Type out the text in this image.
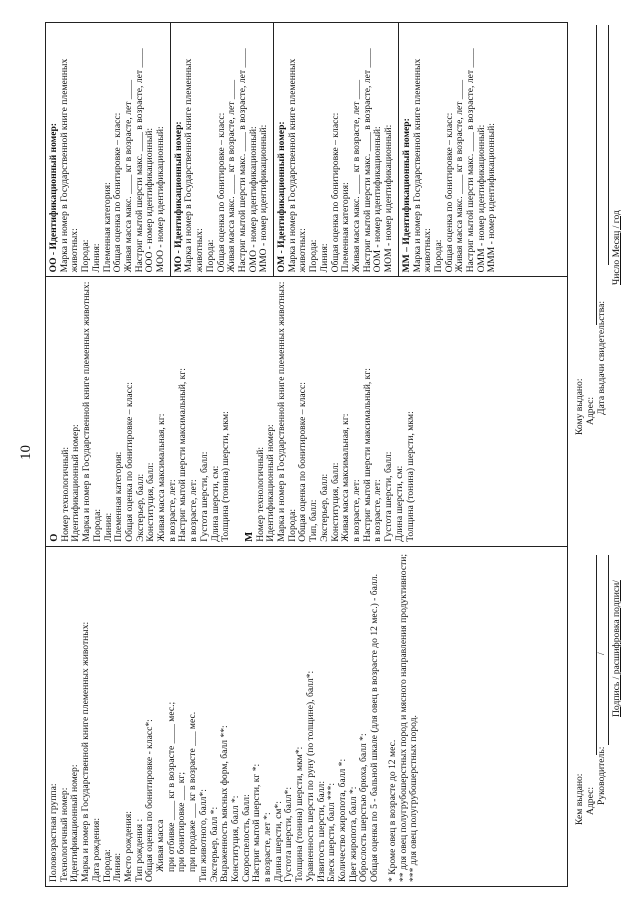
10
Половозрастная группа: Технологичный номер: Идентификационный номер: Марка и номер в Государственной книге племенных животных: Дата рождения: Порода: Линия: Место рождения: Тип рождения : Общая оценка по бонитировке - класс*: Живая масса при отбивке ____ кг в возрасте ____ мес.; при бонитировке ___ кг; при продаже ___ кг в возрасте ___ мес. Тип животного, балл*: Экстерьер, балл *: Выраженность мясных форм, балл **: Конституция, балл *: Скороспелость, балл: Настриг мытой шерсти, кг *: в возрасте, лет *: Длина шерсти, см*: Густота шерсти, балл*: Толщина (тонина) шерсти, мкм*: Уравненность шерсти по руну (по толщине), балл*: Извитость шерсти, балл: Блеск шерсти, балл ***: Количество жиропота, балл *: Цвет жиропота, балл *: Оброслость шерстью брюха, балл *: Общая оценка по 5 - бальной шкале (для овец в возрасте до 12 мес.) - балл. * Кроме овец в возрасте до 12 мес. ** для овец полугрубошерстных пород и мясного направления продуктивности; *** для овец полугрубошерстных пород.
О Номер технологичный: Идентификационный номер: Марка и номер в Государственной книге племенных животных: Порода: Линия: Племенная категория: Общая оценка по бонитировке – класс: Экстерьер, балл: Конституция, балл: Живая масса максимальная, кг: в возрасте, лет: Настриг мытой шерсти максимальный, кг: в возрасте, лет: Густота шерсти, балл: Длина шерсти, см: Толщина (тонина) шерсти, мкм: М Номер технологичный: Идентификационный номер: Марка и номер в Государственной книге племенных животных: Порода: Общая оценка по бонитировке – класс: Тип, балл: Экстерьер, балл: Конституция, балл: Живая масса максимальная, кг: в возрасте, лет: Настриг мытой шерсти максимальный, кг: в возрасте, лет: Густота шерсти, балл: Длина шерсти, см: Толщина (тонина) шерсти, мкм:
ОО - Идентификационный номер: Марка и номер в Государственной книге племенных животных: Порода: Линия: Племенная категория: Общая оценка по бонитировке – класс: Живая масса макс. ____ кг в возрасте, лет ____ Настриг мытой шерсти макс. ____ в возрасте, лет ____ ООО - номер идентификационный: МОО - номер идентификационный: МО - Идентификационный номер: Марка и номер в Государственной книге племенных животных: Порода: Общая оценка по бонитировке – класс: Живая масса макс. ____ кг в возрасте, лет ____ Настриг мытой шерсти макс. ____ в возрасте, лет ____ ОМО - номер идентификационный: ММО - номер идентификационный: ОМ - Идентификационный номер: Марка и номер в Государственной книге племенных животных: Порода: Линия: Общая оценка по бонитировке – класс: Племенная категория: Живая масса макс. ____ кг в возрасте, лет ____ Настриг мытой шерсти макс. ____ в возрасте, лет ____ ООМ - номер идентификационный: МОМ - номер идентификационный: ММ – Идентификационный номер: Марка и номер в Государственной книге племенных животных: Порода: Общая оценка по бонитировке – класс: Живая масса макс. ____ кг в возрасте, лет ____ Настриг мытой шерсти макс. ____ в возрасте, лет ____ ОММ - номер идентификационный: МММ - номер идентификационный:
Кем выдано: Адрес: Руководитель:
/ Подпись / расшифровка подписи/
Кому выдано: Адрес: Дата выдачи свидетельства:
Число Месяц / год
